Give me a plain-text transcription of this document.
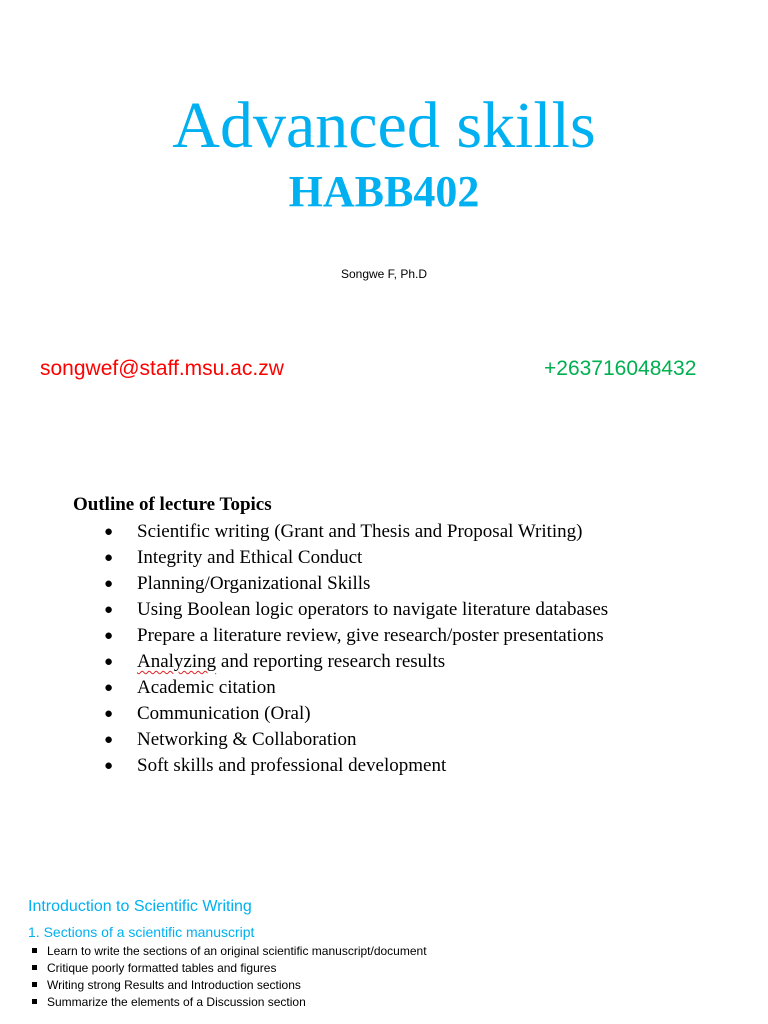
Advanced skills
HABB402
Songwe F, Ph.D
songwef@staff.msu.ac.zw	+263716048432
Outline of lecture Topics
● Scientific writing (Grant and Thesis and Proposal Writing)
● Integrity and Ethical Conduct
● Planning/Organizational Skills
● Using Boolean logic operators to navigate literature databases
● Prepare a literature review, give research/poster presentations
● Analyzing and reporting research results
● Academic citation
● Communication (Oral)
● Networking & Collaboration
● Soft skills and professional development
Introduction to Scientific Writing
1. Sections of a scientific manuscript
Learn to write the sections of an original scientific manuscript/document
Critique poorly formatted tables and figures
Writing strong Results and Introduction sections
Summarize the elements of a Discussion section
